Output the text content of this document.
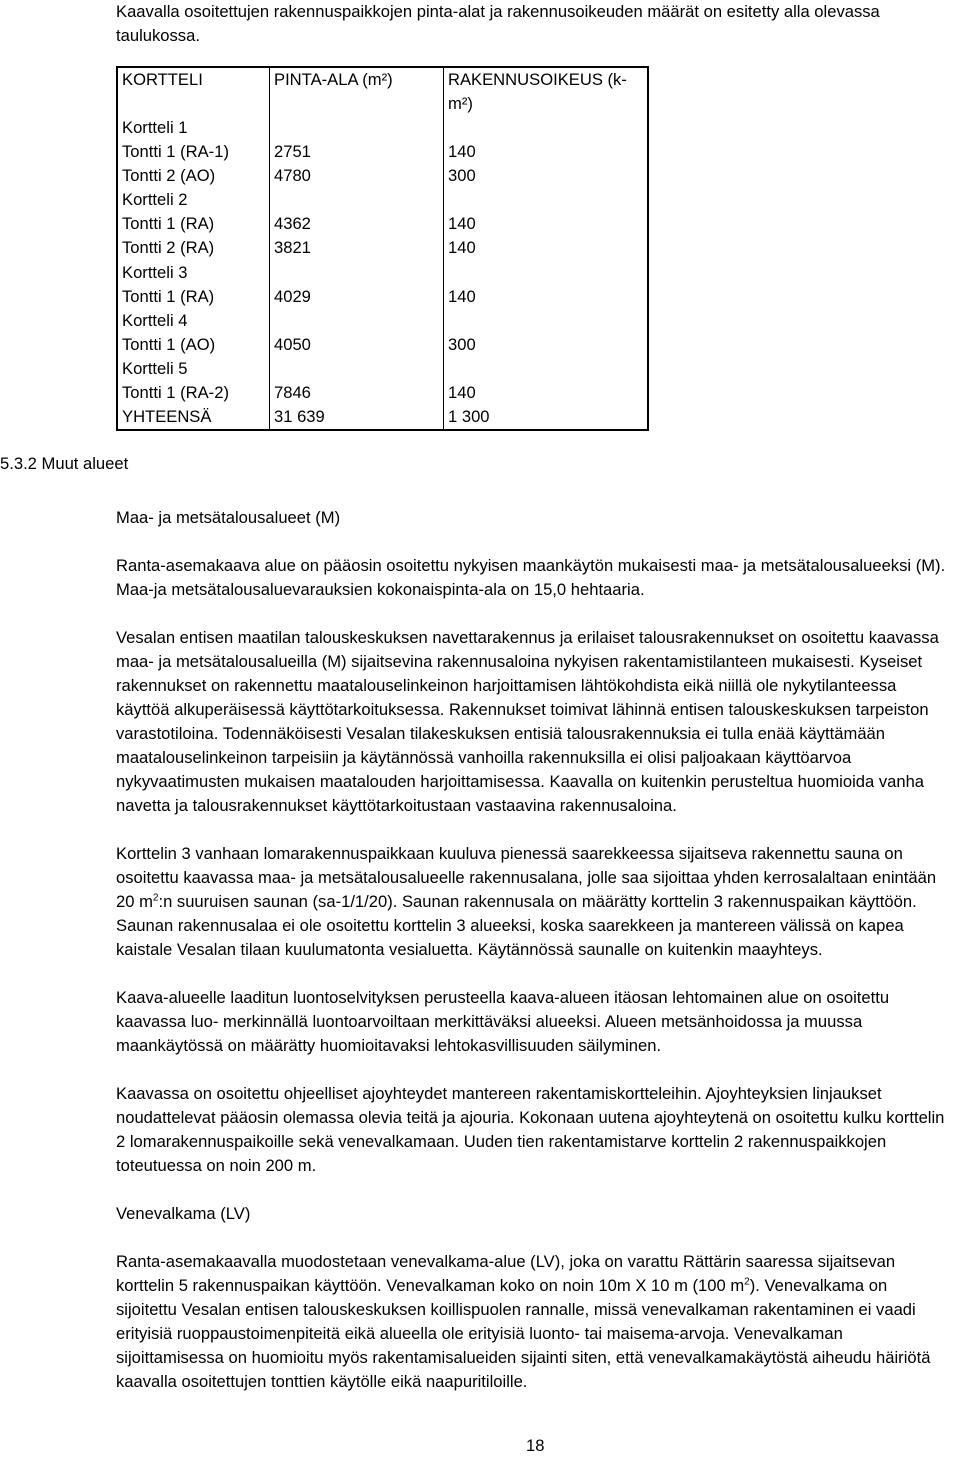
Kaavalla osoitettujen rakennuspaikkojen pinta-alat ja rakennusoikeuden määrät on esitetty alla olevassa taulukossa.

KORTTELI	PINTA-ALA (m²)	RAKENNUSOIKEUS (k-m²)
Kortteli 1		
Tontti 1 (RA-1)	2751	140
Tontti 2 (AO)	4780	300
Kortteli 2		
Tontti 1 (RA)	4362	140
Tontti 2 (RA)	3821	140
Kortteli 3		
Tontti 1 (RA)	4029	140
Kortteli 4		
Tontti 1 (AO)	4050	300
Kortteli 5		
Tontti 1 (RA-2)	7846	140
YHTEENSÄ	31 639	1 300
5.3.2 Muut alueet

Maa- ja metsätalousalueet (M)

Ranta-asemakaava alue on pääosin osoitettu nykyisen maankäytön mukaisesti maa- ja metsätalousalueeksi (M). Maa-ja metsätalousaluevarauksien kokonaispinta-ala on 15,0 hehtaaria.

Vesalan entisen maatilan talouskeskuksen navettarakennus ja erilaiset talousrakennukset on osoitettu kaavassa maa- ja metsätalousalueilla (M) sijaitsevina rakennusaloina nykyisen rakentamistilanteen mukaisesti. Kyseiset rakennukset on rakennettu maatalouselinkeinon harjoittamisen lähtökohdista eikä niillä ole nykytilanteessa käyttöä alkuperäisessä käyttötarkoituksessa. Rakennukset toimivat lähinnä entisen talouskeskuksen tarpeiston varastotiloina. Todennäköisesti Vesalan tilakeskuksen entisiä talousrakennuksia ei tulla enää käyttämään maatalouselinkeinon tarpeisiin ja käytännössä vanhoilla rakennuksilla ei olisi paljoakaan käyttöarvoa nykyvaatimusten mukaisen maatalouden harjoittamisessa. Kaavalla on kuitenkin perusteltua huomioida vanha navetta ja talousrakennukset käyttötarkoitustaan vastaavina rakennusaloina.

Korttelin 3 vanhaan lomarakennuspaikkaan kuuluva pienessä saarekkeessa sijaitseva rakennettu sauna on osoitettu kaavassa maa- ja metsätalousalueelle rakennusalana, jolle saa sijoittaa yhden kerrosalaltaan enintään 20 $m^2:n$ suuruisen saunan (sa-1/1/20). Saunan rakennusala on määrätty korttelin 3 rakennuspaikan käyttöön. Saunan rakennusalaa ei ole osoitettu korttelin 3 alueeksi, koska saarekkeen ja mantereen välissä on kapea kaistale Vesalan tilaan kuulumatonta vesialuetta. Käytännössä saunalle on kuitenkin maayhteys.

Kaava-alueelle laaditun luontoselvityksen perusteella kaava-alueen itäosan lehtomainen alue on osoitettu kaavassa luo- merkinnällä luontoarvoiltaan merkittäväksi alueeksi. Alueen metsänhoidossa ja muussa maankäytössä on määrätty huomioitavaksi lehtokasvillisuuden säilyminen.

Kaavassa on osoitettu ohjeelliset ajoyhteydet mantereen rakentamiskortteleihin. Ajoyhteyksien linjaukset noudattelevat pääosin olemassa olevia teitä ja ajouria. Kokonaan uutena ajoyhteytenä on osoitettu kulku korttelin 2 lomarakennuspaikoille sekä venevalkamaan. Uuden tien rakentamistarve korttelin 2 rakennuspaikkojen toteutuessa on noin 200 m.

Venevalkama (LV)

Ranta-asemakaavalla muodostetaan venevalkama-alue (LV), joka on varattu Rättärin saaressa sijaitsevan korttelin 5 rakennuspaikan käyttöön. Venevalkaman koko on noin 10m X 10 m (100 $m^2$). Venevalkama on sijoitettu Vesalan entisen talouskeskuksen koillispuolen rannalle, missä venevalkaman rakentaminen ei vaadi erityisiä ruoppaustoimenpiteitä eikä alueella ole erityisiä luonto- tai maisema-arvoja. Venevalkaman sijoittamisessa on huomioitu myös rakentamisalueiden sijainti siten, että venevalkamakäytöstä aiheudu häiriötä kaavalla osoitettujen tonttien käytölle eikä naapuritiloille.

18
